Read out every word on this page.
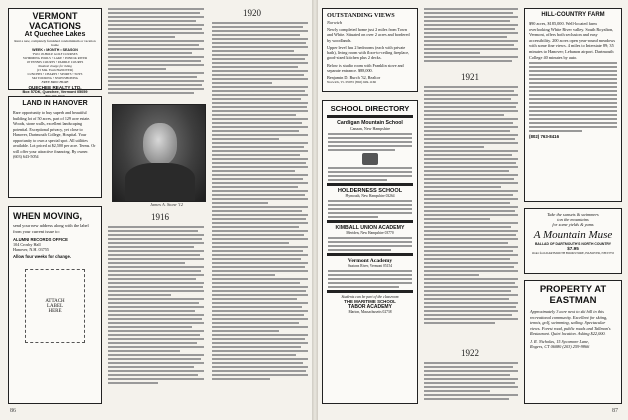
VERMONT VACATIONS
At Quechee Lakes
Rent a new, completely furnished condominium or vacation home
WEEK • MONTH • SEASON
TWO 18-HOLE GOLF COURSES
SWIMMING POOLS • LAKE • POND & RIVER
18 TENNIS COURTS • PADDLE COURTS
Nautical charge for riding
(15 Min. From HANOVER)
LUNCHES • CHARTS • SPORTS • TOYS
SKI TOURING • SNOWSHOEING
FREE BROCHURE
QUECHEE REALTY LTD.
Box 57DK, Quechee, Vermont 05059
LAND IN HANOVER
Rare opportunity to buy superb and beautiful building lot of 50 acres, part of 129 acre estate. Woods, stone walls, excellent landscaping potential. Exceptional privacy, yet close to Hanover, Dartmouth College, Hospital. Your opportunity to own a special spot. All utilities available. Lot priced at $2,500 per acre. Terms. Or will offer your attractive financing. By owner. (603) 643-5054
WHEN MOVING,
send your new address along with the label from your current issue to:
ALUMNI RECORDS OFFICE
104 Crosby Hall
Hanover, N.H. 03755
Allow four weeks for change.
ATTACH LABEL HERE
James A. Stone '12
1916
1920
86
OUTSTANDING VIEWS
Norwich
Newly completed home just 2 miles from Town and White. Situated on over 2 acres and bordered by woodlands.
Upper level has 2 bedrooms (each with private bath), living room with floor-to-ceiling fireplace, good-sized kitchen plus 2 decks.
Below is studio room with Franklin stove and separate entrance. $88,000.
Benjamin D. Burch '32, Realtor
Norwich, Vt. 05055 (802) 649-1166
SCHOOL DIRECTORY
Cardigan Mountain School
Canaan, New Hampshire
HOLDERNESS SCHOOL
Plymouth, New Hampshire 03264
KIMBALL UNION ACADEMY
Meriden, New Hampshire 03770
Vermont Academy
Saxtons River, Vermont 05154
Students can be part of the classroom
THE MARITIME SCHOOL
TABOR ACADEMY
Marion, Massachusetts 02738
1921
1922
HILL-COUNTRY FARM
$90 acres, $185,000. Well-located farm overlooking White River valley. South Royalton, Vermont, offers both seclusion and easy accessibility. 200 acres open year-round meadows with some fine views. 4 miles to Interstate 89; 35 minutes to Hanover; Lebanon airport. Dartmouth College 40 minutes by auto.
(802) 763-8416
Take the sunsets & swimmers
ton the mountains
for some yields & yums
A Mountain Muse
BALLAD OF DARTMOUTH'S NORTH COUNTRY
$7.95
Order from DARTMOUTH BOOKSTORE, HANOVER, NH 03755
PROPERTY AT EASTMAN
Approximately 3 acre next to ski hill in this recreational community. Excellent for skiing, tennis, golf, swimming, sailing. Spectacular views. Forest road, public roads and Tallman's Restaurant. Quiet location. Asking $22,000.
J. R. Nicholas, 15 Sycamore Lane,
Rogers, CT 06080 (203) 259-9866
87
